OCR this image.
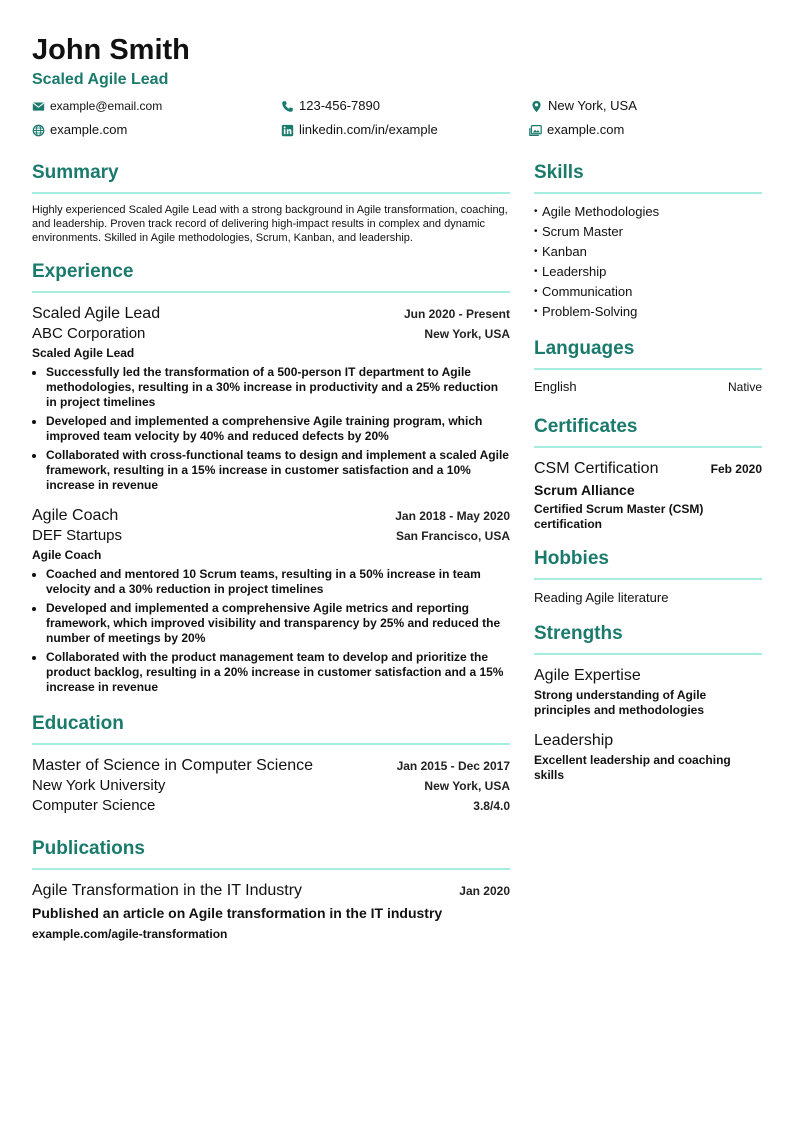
John Smith
Scaled Agile Lead
example@email.com	123-456-7890	New York, USA
example.com	linkedin.com/in/example	example.com
Summary

Highly experienced Scaled Agile Lead with a strong background in Agile transformation, coaching, and leadership. Proven track record of delivering high-impact results in complex and dynamic environments. Skilled in Agile methodologies, Scrum, Kanban, and leadership.

Experience
Scaled Agile Lead	Jun 2020 - Present
ABC Corporation	New York, USA
Scaled Agile Lead
• Successfully led the transformation of a 500-person IT department to Agile methodologies, resulting in a 30% increase in productivity and a 25% reduction in project timelines
• Developed and implemented a comprehensive Agile training program, which improved team velocity by 40% and reduced defects by 20%
• Collaborated with cross-functional teams to design and implement a scaled Agile framework, resulting in a 15% increase in customer satisfaction and a 10% increase in revenue
Agile Coach	Jan 2018 - May 2020
DEF Startups	San Francisco, USA
Agile Coach
• Coached and mentored 10 Scrum teams, resulting in a 50% increase in team velocity and a 30% reduction in project timelines
• Developed and implemented a comprehensive Agile metrics and reporting framework, which improved visibility and transparency by 25% and reduced the number of meetings by 20%
• Collaborated with the product management team to develop and prioritize the product backlog, resulting in a 20% increase in customer satisfaction and a 15% increase in revenue
Education
Master of Science in Computer Science	Jan 2015 - Dec 2017
New York University	New York, USA
Computer Science	3.8/4.0
Publications
Agile Transformation in the IT Industry	Jan 2020
Published an article on Agile transformation in the IT industry
example.com/agile-transformation
Skills
• Agile Methodologies
• Scrum Master
• Kanban
• Leadership
• Communication
• Problem-Solving
Languages
English	Native
Certificates
CSM Certification	Feb 2020
Scrum Alliance
Certified Scrum Master (CSM) certification
Hobbies
Reading Agile literature
Strengths
Agile Expertise
Strong understanding of Agile principles and methodologies
Leadership
Excellent leadership and coaching skills
